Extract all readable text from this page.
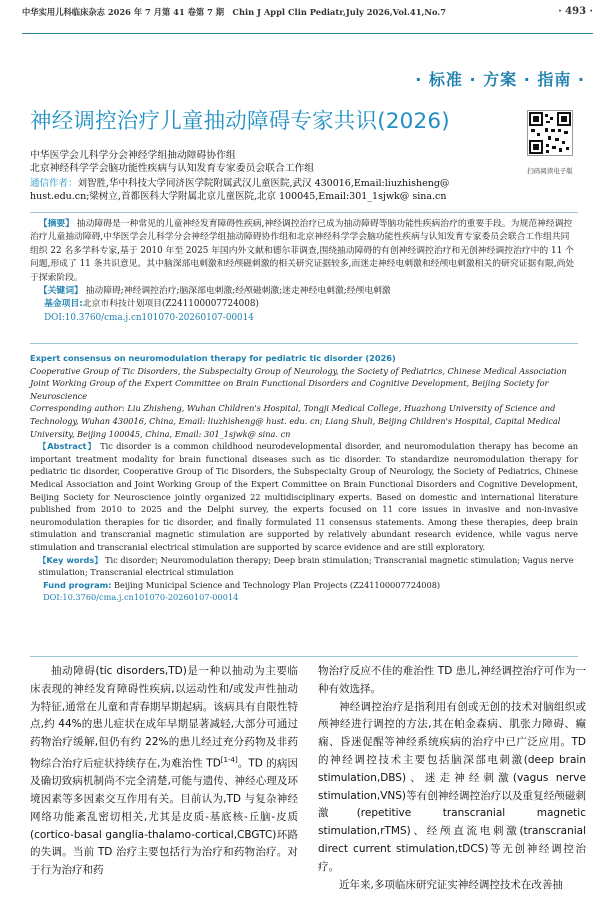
中华实用儿科临床杂志 2026 年 7 月第 41 卷第 7 期　Chin J Appl Clin Pediatr,July 2026,Vol.41,No.7	· 493 ·
· 标准 · 方案 · 指南 ·
神经调控治疗儿童抽动障碍专家共识(2026)
扫码阅读电子版
中华医学会儿科学分会神经学组抽动障碍协作组
北京神经科学学会脑功能性疾病与认知发育专家委员会联合工作组
通信作者：刘智胜,华中科技大学同济医学院附属武汉儿童医院,武汉 430016,Email:liuzhisheng@
hust.edu.cn;梁树立,首都医科大学附属北京儿童医院,北京 100045,Email:301_1sjwk@ sina.cn
【摘要】 抽动障碍是一种常见的儿童神经发育障碍性疾病,神经调控治疗已成为抽动障碍等脑功能性疾病治疗的重要手段。为规范神经调控治疗儿童抽动障碍,中华医学会儿科学分会神经学组抽动障碍协作组和北京神经科学学会脑功能性疾病与认知发育专家委员会联合工作组共同组织 22 名多学科专家,基于 2010 年至 2025 年国内外文献和德尔菲调查,围绕抽动障碍的有创神经调控治疗和无创神经调控治疗中的 11 个问题,形成了 11 条共识意见。其中脑深部电刺激和经颅磁刺激的相关研究证据较多,而迷走神经电刺激和经颅电刺激相关的研究证据有限,尚处于探索阶段。
【关键词】 抽动障碍;神经调控治疗;脑深部电刺激;经颅磁刺激;迷走神经电刺激;经颅电刺激
基金项目:北京市科技计划项目(Z241100007724008)
DOI:10.3760/cma.j.cn101070-20260107-00014
Expert consensus on neuromodulation therapy for pediatric tic disorder (2026)
Cooperative Group of Tic Disorders, the Subspecialty Group of Neurology, the Society of Pediatrics, Chinese Medical Association
Joint Working Group of the Expert Committee on Brain Functional Disorders and Cognitive Development, Beijing Society for Neuroscience
Corresponding author: Liu Zhisheng, Wuhan Children's Hospital, Tongji Medical College, Huazhong University of Science and Technology, Wuhan 430016, China, Email: liuzhisheng@ hust. edu. cn; Liang Shuli, Beijing Children's Hospital, Capital Medical University, Beijing 100045, China, Email: 301_1sjwk@ sina. cn
【Abstract】 Tic disorder is a common childhood neurodevelopmental disorder, and neuromodulation therapy has become an important treatment modality for brain functional diseases such as tic disorder. To standardize neuromodulation therapy for pediatric tic disorder, Cooperative Group of Tic Disorders, the Subspecialty Group of Neurology, the Society of Pediatrics, Chinese Medical Association and Joint Working Group of the Expert Committee on Brain Functional Disorders and Cognitive Development, Beijing Society for Neuroscience jointly organized 22 multidisciplinary experts. Based on domestic and international literature published from 2010 to 2025 and the Delphi survey, the experts focused on 11 core issues in invasive and non-invasive neuromodulation therapies for tic disorder, and finally formulated 11 consensus statements. Among these therapies, deep brain stimulation and transcranial magnetic stimulation are supported by relatively abundant research evidence, while vagus nerve stimulation and transcranial electrical stimulation are supported by scarce evidence and are still exploratory.
【Key words】 Tic disorder; Neuromodulation therapy; Deep brain stimulation; Transcranial magnetic stimulation; Vagus nerve stimulation; Transcranial electrical stimulation
Fund program: Beijing Municipal Science and Technology Plan Projects (Z241100007724008)
DOI:10.3760/cma.j.cn101070-20260107-00014

抽动障碍(tic disorders,TD)是一种以抽动为主要临床表现的神经发育障碍性疾病,以运动性和/或发声性抽动为特征,通常在儿童和青春期早期起病。该病具有自限性特点,约 44%的患儿症状在成年早期显著减轻,大部分可通过药物治疗缓解,但仍有约 22%的患儿经过充分药物及非药物综合治疗后症状持续存在,为难治性 TD[1-4]。TD 的病因及确切致病机制尚不完全清楚,可能与遗传、神经心理及环境因素等多因素交互作用有关。目前认为,TD 与复杂神经网络功能紊乱密切相关,尤其是皮质-基底核-丘脑-皮质(cortico-basal ganglia-thalamo-cortical,CBGTC)环路的失调。当前 TD 治疗主要包括行为治疗和药物治疗。对于行为治疗和药

物治疗反应不佳的难治性 TD 患儿,神经调控治疗可作为一种有效选择。

神经调控治疗是指利用有创或无创的技术对脑组织或颅神经进行调控的方法,其在帕金森病、肌张力障碍、癫痫、昏迷促醒等神经系统疾病的治疗中已广泛应用。TD 的神经调控技术主要包括脑深部电刺激(deep brain stimulation,DBS)、迷走神经刺激(vagus nerve stimulation,VNS)等有创神经调控治疗以及重复经颅磁刺激(repetitive transcranial magnetic stimulation,rTMS)、经颅直流电刺激(transcranial direct current stimulation,tDCS)等无创神经调控治疗。

近年来,多项临床研究证实神经调控技术在改善抽
